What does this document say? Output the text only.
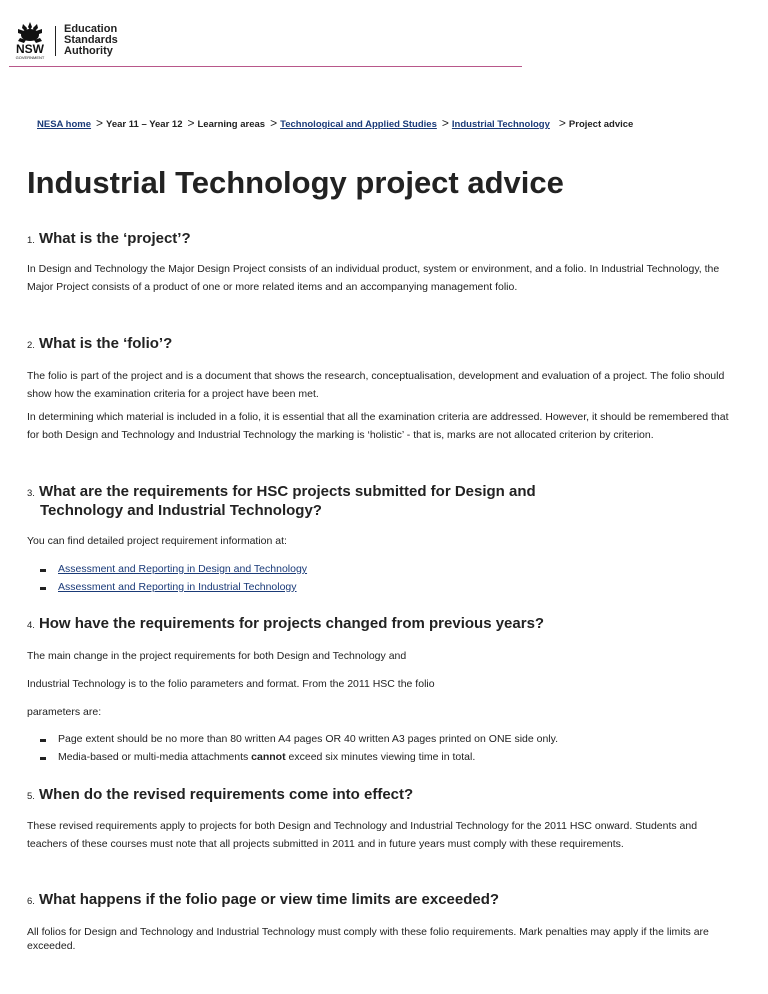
NSW
GOVERNMENT
Education
Standards
Authority
NESA home > Year 11 – Year 12 > Learning areas > Technological and Applied Studies > Industrial Technology > Project advice
Industrial Technology project advice
1. What is the ‘project’?

In Design and Technology the Major Design Project consists of an individual product, system or environment, and a folio. In Industrial Technology, the Major Project consists of a product of one or more related items and an accompanying management folio.

2. What is the ‘folio’?

The folio is part of the project and is a document that shows the research, conceptualisation, development and evaluation of a project. The folio should show how the examination criteria for a project have been met.

In determining which material is included in a folio, it is essential that all the examination criteria are addressed. However, it should be remembered that for both Design and Technology and Industrial Technology the marking is ‘holistic’ - that is, marks are not allocated criterion by criterion.

3. What are the requirements for HSC projects submitted for Design and
Technology and Industrial Technology?

You can find detailed project requirement information at:

Assessment and Reporting in Design and Technology
Assessment and Reporting in Industrial Technology
4. How have the requirements for projects changed from previous years?

The main change in the project requirements for both Design and Technology and

Industrial Technology is to the folio parameters and format. From the 2011 HSC the folio

parameters are:

Page extent should be no more than 80 written A4 pages OR 40 written A3 pages printed on ONE side only.
Media-based or multi-media attachments cannot exceed six minutes viewing time in total.
5. When do the revised requirements come into effect?

These revised requirements apply to projects for both Design and Technology and Industrial Technology for the 2011 HSC onward. Students and teachers of these courses must note that all projects submitted in 2011 and in future years must comply with these requirements.

6. What happens if the folio page or view time limits are exceeded?

All folios for Design and Technology and Industrial Technology must comply with these folio requirements. Mark penalties may apply if the limits are exceeded.
